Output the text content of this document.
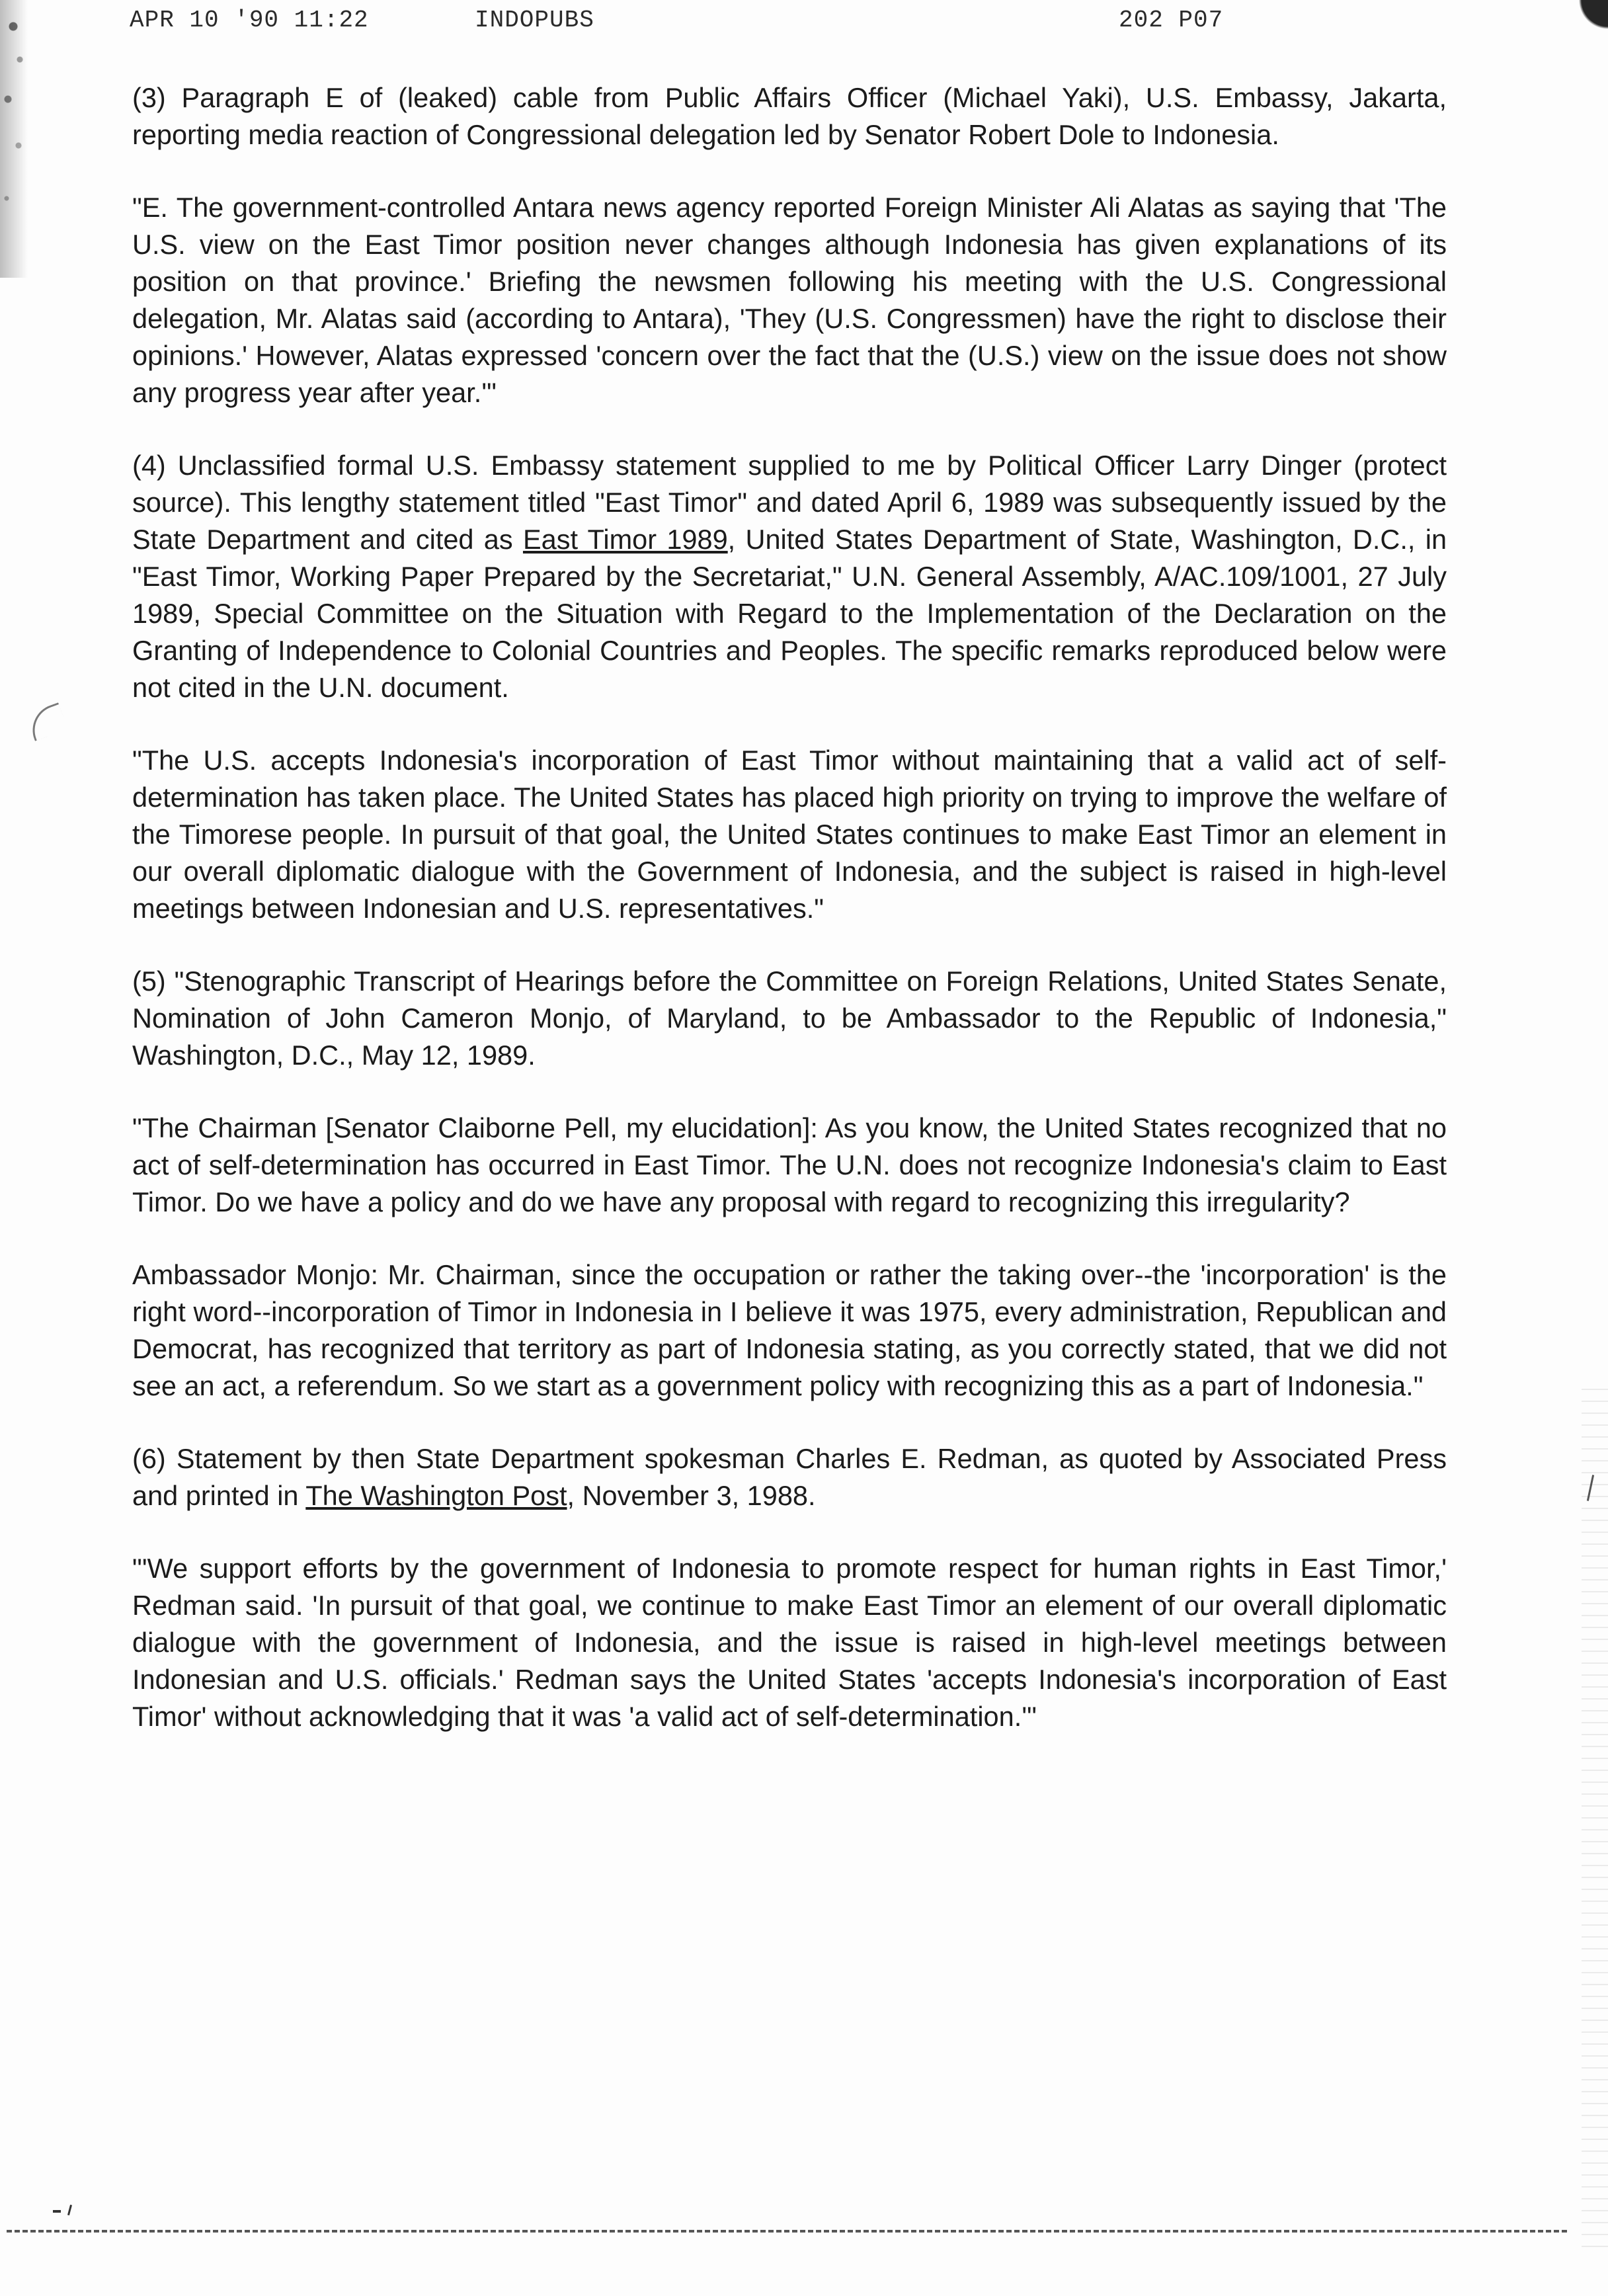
APR 10 '90 11:22	INDOPUBS	202 P07

(3) Paragraph E of (leaked) cable from Public Affairs Officer (Michael Yaki), U.S. Embassy, Jakarta, reporting media reaction of Congressional delegation led by Senator Robert Dole to Indonesia.

"E. The government-controlled Antara news agency reported Foreign Minister Ali Alatas as saying that 'The U.S. view on the East Timor position never changes although Indonesia has given explanations of its position on that province.' Briefing the newsmen following his meeting with the U.S. Congressional delegation, Mr. Alatas said (according to Antara), 'They (U.S. Congressmen) have the right to disclose their opinions.' However, Alatas expressed 'concern over the fact that the (U.S.) view on the issue does not show any progress year after year.'"

(4) Unclassified formal U.S. Embassy statement supplied to me by Political Officer Larry Dinger (protect source). This lengthy statement titled "East Timor" and dated April 6, 1989 was subsequently issued by the State Department and cited as East Timor 1989, United States Department of State, Washington, D.C., in "East Timor, Working Paper Prepared by the Secretariat," U.N. General Assembly, A/AC.109/1001, 27 July 1989, Special Committee on the Situation with Regard to the Implementation of the Declaration on the Granting of Independence to Colonial Countries and Peoples. The specific remarks reproduced below were not cited in the U.N. document.

"The U.S. accepts Indonesia's incorporation of East Timor without maintaining that a valid act of self-determination has taken place. The United States has placed high priority on trying to improve the welfare of the Timorese people. In pursuit of that goal, the United States continues to make East Timor an element in our overall diplomatic dialogue with the Government of Indonesia, and the subject is raised in high-level meetings between Indonesian and U.S. representatives."

(5) "Stenographic Transcript of Hearings before the Committee on Foreign Relations, United States Senate, Nomination of John Cameron Monjo, of Maryland, to be Ambassador to the Republic of Indonesia," Washington, D.C., May 12, 1989.

"The Chairman [Senator Claiborne Pell, my elucidation]: As you know, the United States recognized that no act of self-determination has occurred in East Timor. The U.N. does not recognize Indonesia's claim to East Timor. Do we have a policy and do we have any proposal with regard to recognizing this irregularity?

Ambassador Monjo: Mr. Chairman, since the occupation or rather the taking over--the 'incorporation' is the right word--incorporation of Timor in Indonesia in I believe it was 1975, every administration, Republican and Democrat, has recognized that territory as part of Indonesia stating, as you correctly stated, that we did not see an act, a referendum. So we start as a government policy with recognizing this as a part of Indonesia."

(6) Statement by then State Department spokesman Charles E. Redman, as quoted by Associated Press and printed in The Washington Post, November 3, 1988.

"'We support efforts by the government of Indonesia to promote respect for human rights in East Timor,' Redman said. 'In pursuit of that goal, we continue to make East Timor an element of our overall diplomatic dialogue with the government of Indonesia, and the issue is raised in high-level meetings between Indonesian and U.S. officials.' Redman says the United States 'accepts Indonesia's incorporation of East Timor' without acknowledging that it was 'a valid act of self-determination.'"
